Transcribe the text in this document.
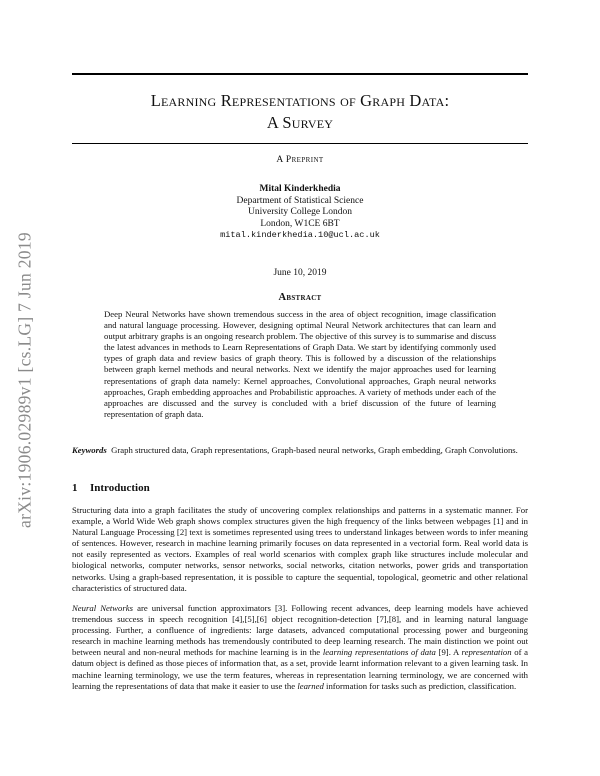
arXiv:1906.02989v1 [cs.LG] 7 Jun 2019
Learning Representations of Graph Data:
A Survey
A Preprint
Mital Kinderkhedia
Department of Statistical Science
University College London
London, W1CE 6BT
mital.kinderkhedia.10@ucl.ac.uk
June 10, 2019
Abstract
Deep Neural Networks have shown tremendous success in the area of object recognition, image classification and natural language processing. However, designing optimal Neural Network architectures that can learn and output arbitrary graphs is an ongoing research problem. The objective of this survey is to summarise and discuss the latest advances in methods to Learn Representations of Graph Data. We start by identifying commonly used types of graph data and review basics of graph theory. This is followed by a discussion of the relationships between graph kernel methods and neural networks. Next we identify the major approaches used for learning representations of graph data namely: Kernel approaches, Convolutional approaches, Graph neural networks approaches, Graph embedding approaches and Probabilistic approaches. A variety of methods under each of the approaches are discussed and the survey is concluded with a brief discussion of the future of learning representation of graph data.
Keywords Graph structured data, Graph representations, Graph-based neural networks, Graph embedding, Graph Convolutions.
1 Introduction
Structuring data into a graph facilitates the study of uncovering complex relationships and patterns in a systematic manner. For example, a World Wide Web graph shows complex structures given the high frequency of the links between webpages [1] and in Natural Language Processing [2] text is sometimes represented using trees to understand linkages between words to infer meaning of sentences. However, research in machine learning primarily focuses on data represented in a vectorial form. Real world data is not easily represented as vectors. Examples of real world scenarios with complex graph like structures include molecular and biological networks, computer networks, sensor networks, social networks, citation networks, power grids and transportation networks. Using a graph-based representation, it is possible to capture the sequential, topological, geometric and other relational characteristics of structured data.
Neural Networks are universal function approximators [3]. Following recent advances, deep learning models have achieved tremendous success in speech recognition [4],[5],[6] object recognition-detection [7],[8], and in learning natural language processing. Further, a confluence of ingredients: large datasets, advanced computational processing power and burgeoning research in machine learning methods has tremendously contributed to deep learning research. The main distinction we point out between neural and non-neural methods for machine learning is in the learning representations of data [9]. A representation of a datum object is defined as those pieces of information that, as a set, provide learnt information relevant to a given learning task. In machine learning terminology, we use the term features, whereas in representation learning terminology, we are concerned with learning the representations of data that make it easier to use the learned information for tasks such as prediction, classification.
